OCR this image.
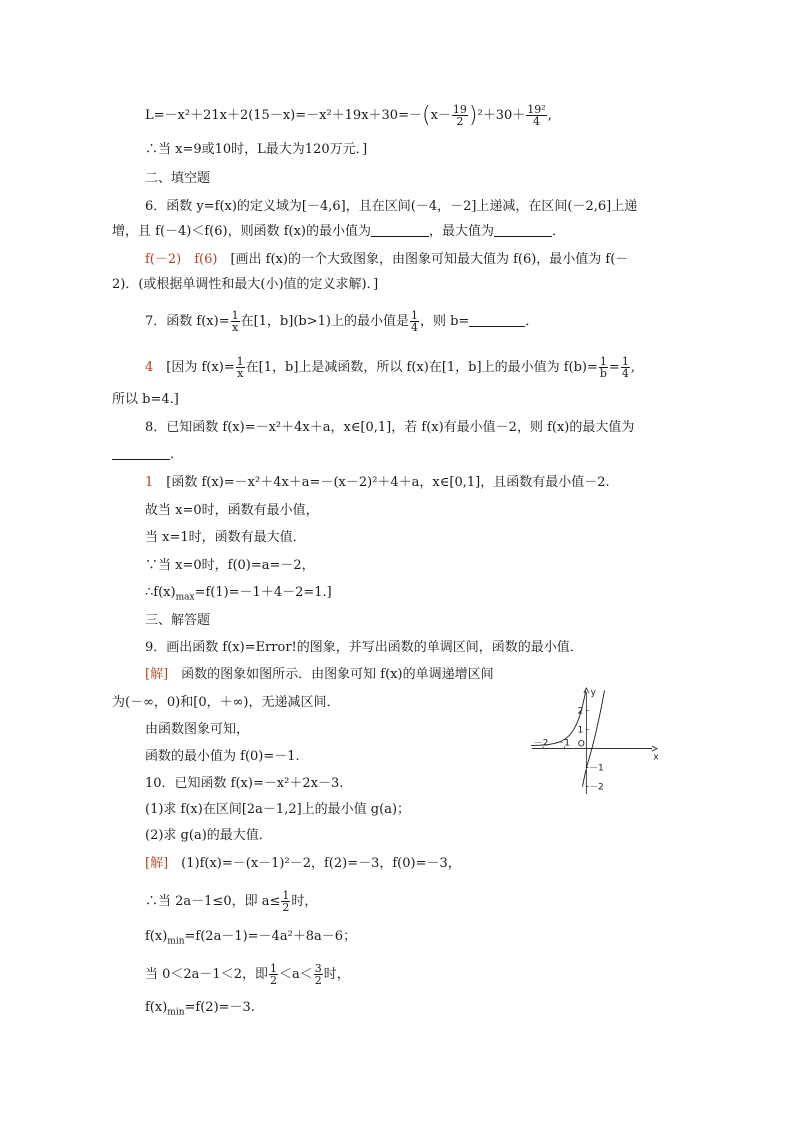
$L=-x^2+21x+2(15-x)=-x^2+19x+30=-(x- \frac{19}{2} )^2+30+ \frac{\text{19²}}{4}$ ,
∴当 x=9或10时，L最大为120万元．]
二、填空题
6．函数 y=f(x)的定义域为[－4,6]，且在区间(－4，－2]上递减，在区间(－2,6]上递
增，且 f(－4)＜f(6)，则函数 f(x)的最小值为	，最大值为	．
f(－2)　f(6)　[画出 f(x)的一个大致图象，由图象可知最大值为 f(6)，最小值为 f(－
2)．(或根据单调性和最大(小)值的定义求解)．]
7．函数 $f(x)= \frac{1}{x}$ 在[1，b](b>1)上的最小值是 $\frac{1}{4}$ ，则 b=	．
4　[因为 $f(x)= \frac{1}{x}$ 在[1，b]上是减函数，所以 f(x)在[1，b]上的最小值为 $f(b)= \frac{1}{b} = \frac{1}{4}$ ,
所以 b=4.]
8．已知函数 f(x)=－x²＋4x＋a，x∈[0,1]，若 f(x)有最小值－2，则 f(x)的最大值为
．
1　[函数 f(x)=－x²＋4x＋a=－(x－2)²＋4＋a，x∈[0,1]，且函数有最小值－2.
故当 x=0时，函数有最小值，
当 x=1时，函数有最大值．
∵当 x=0时，f(0)=a=－2，
$\therefore f(x)_{max}=f(1)=-1+4-2=1$.]
三、解答题
9．画出函数 f(x)=Error!的图象，并写出函数的单调区间，函数的最小值．
[解]　函数的图象如图所示．由图象可知 f(x)的单调递增区间
为(－∞，0)和[0，＋∞)，无递减区间．
由函数图象可知，
函数的最小值为 f(0)=－1.	x
y
O
－2 －1
2
1
－1
－2
10．已知函数 f(x)=－x²＋2x－3.
(1)求 f(x)在区间[2a－1,2]上的最小值 g(a)；
(2)求 g(a)的最大值．
[解]　(1)f(x)=－(x－1)²－2，f(2)=－3，f(0)=－3，
∴当 2a－1≤0，即 $a\le \frac{1}{2}$ 时，
$f(x)_{min}=f(2a-1)=-4a^2+8a-6$；
当 0＜2a－1＜2，即 $\frac{1}{2} <a< \frac{3}{2}$ 时，
$f(x)_{min}=f(2)=-3$.
